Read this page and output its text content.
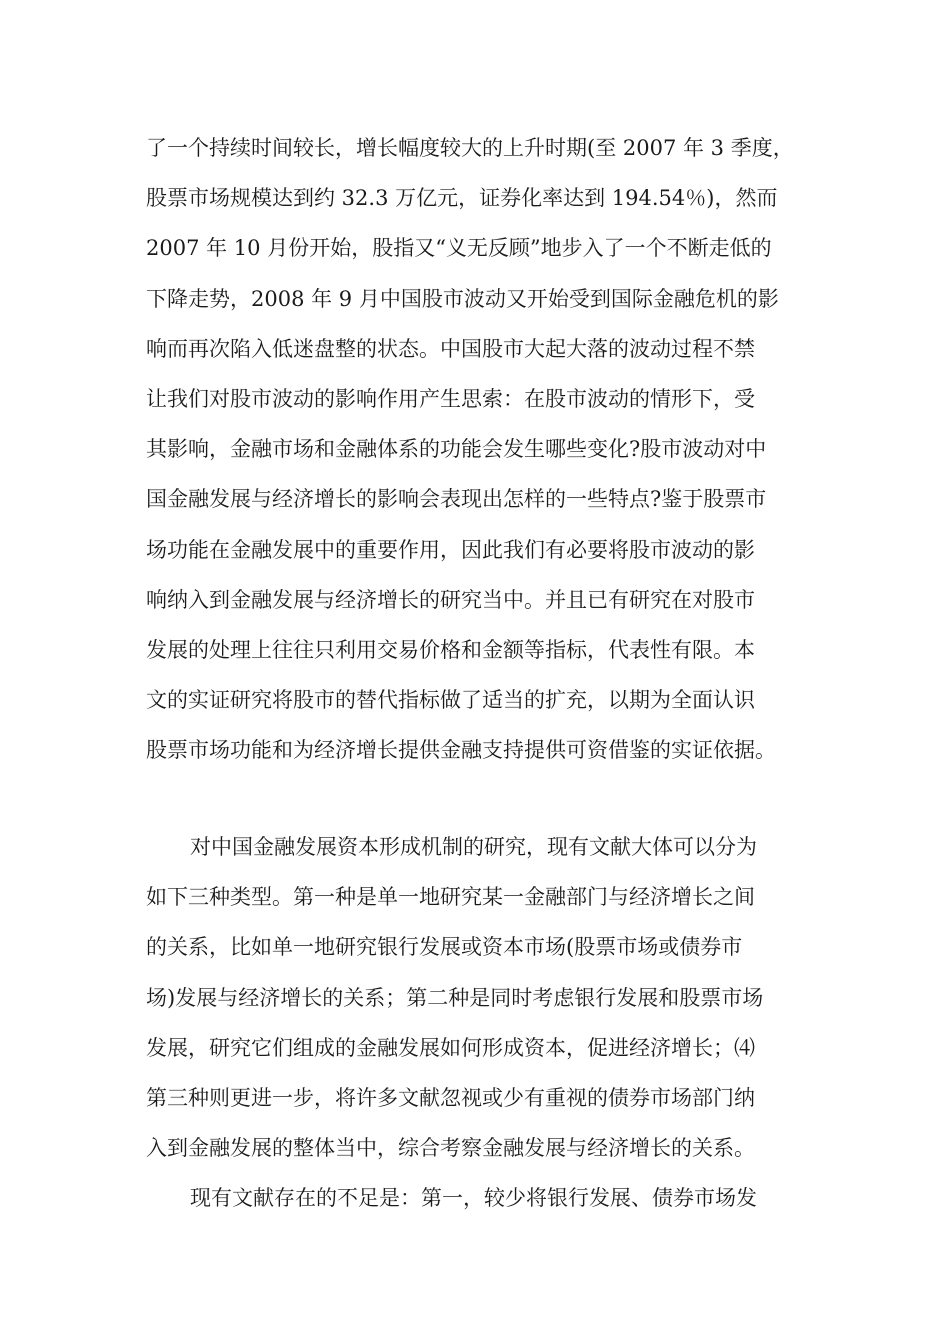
了一个持续时间较长，增长幅度较大的上升时期(至 2007 年 3 季度，
股票市场规模达到约 32.3 万亿元，证券化率达到 194.54％)，然而
2007 年 10 月份开始，股指又“义无反顾”地步入了一个不断走低的
下降走势，2008 年 9 月中国股市波动又开始受到国际金融危机的影
响而再次陷入低迷盘整的状态。中国股市大起大落的波动过程不禁
让我们对股市波动的影响作用产生思索：在股市波动的情形下，受
其影响，金融市场和金融体系的功能会发生哪些变化?股市波动对中
国金融发展与经济增长的影响会表现出怎样的一些特点?鉴于股票市
场功能在金融发展中的重要作用，因此我们有必要将股市波动的影
响纳入到金融发展与经济增长的研究当中。并且已有研究在对股市
发展的处理上往往只利用交易价格和金额等指标，代表性有限。本
文的实证研究将股市的替代指标做了适当的扩充，以期为全面认识
股票市场功能和为经济增长提供金融支持提供可资借鉴的实证依据。
对中国金融发展资本形成机制的研究，现有文献大体可以分为
如下三种类型。第一种是单一地研究某一金融部门与经济增长之间
的关系，比如单一地研究银行发展或资本市场(股票市场或债券市
场)发展与经济增长的关系；第二种是同时考虑银行发展和股票市场
发展，研究它们组成的金融发展如何形成资本，促进经济增长；⑷
第三种则更进一步，将许多文献忽视或少有重视的债券市场部门纳
入到金融发展的整体当中，综合考察金融发展与经济增长的关系。
现有文献存在的不足是：第一，较少将银行发展、债券市场发
